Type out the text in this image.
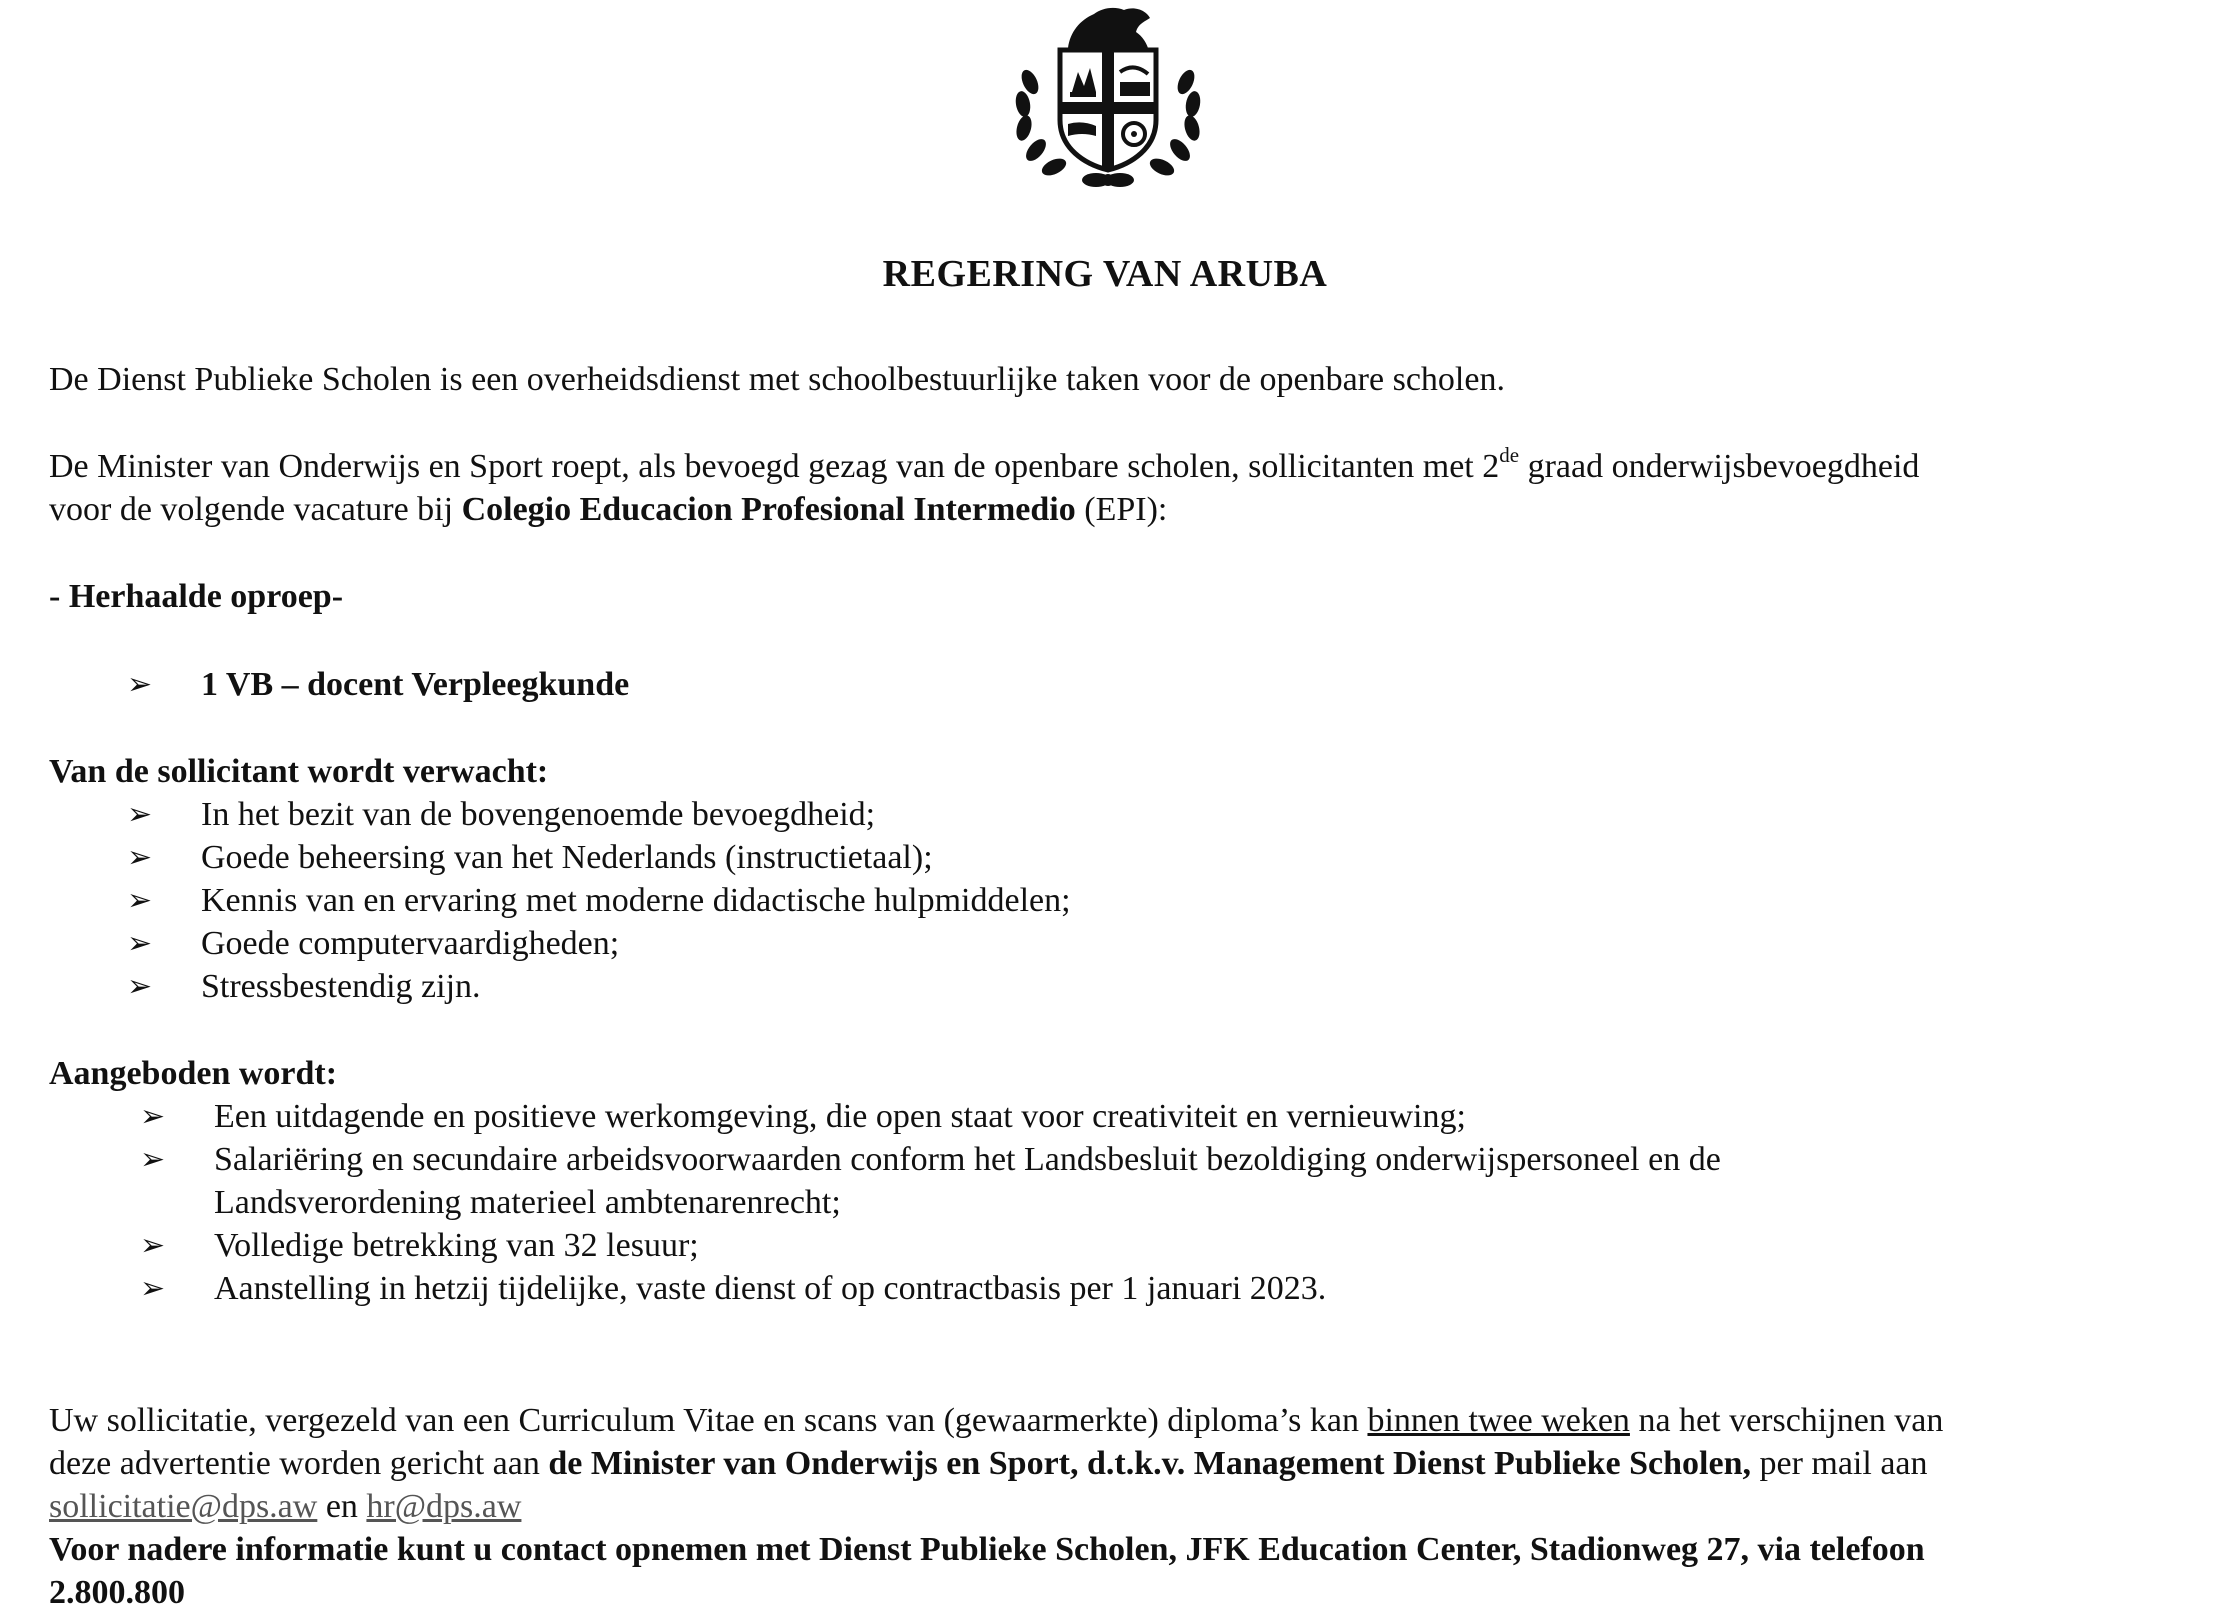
REGERING VAN ARUBA
De Dienst Publieke Scholen is een overheidsdienst met schoolbestuurlijke taken voor de openbare scholen.
De Minister van Onderwijs en Sport roept, als bevoegd gezag van de openbare scholen, sollicitanten met 2de graad onderwijsbevoegdheid
voor de volgende vacature bij Colegio Educacion Profesional Intermedio (EPI):
- Herhaalde oproep-
➢ 1 VB – docent Verpleegkunde
Van de sollicitant wordt verwacht:
➢ In het bezit van de bovengenoemde bevoegdheid;
➢ Goede beheersing van het Nederlands (instructietaal);
➢ Kennis van en ervaring met moderne didactische hulpmiddelen;
➢ Goede computervaardigheden;
➢ Stressbestendig zijn.
Aangeboden wordt:
➢ Een uitdagende en positieve werkomgeving, die open staat voor creativiteit en vernieuwing;
➢ Salariëring en secundaire arbeidsvoorwaarden conform het Landsbesluit bezoldiging onderwijspersoneel en de
Landsverordening materieel ambtenarenrecht;
➢ Volledige betrekking van 32 lesuur;
➢ Aanstelling in hetzij tijdelijke, vaste dienst of op contractbasis per 1 januari 2023.
Uw sollicitatie, vergezeld van een Curriculum Vitae en scans van (gewaarmerkte) diploma’s kan binnen twee weken na het verschijnen van
deze advertentie worden gericht aan de Minister van Onderwijs en Sport, d.t.k.v. Management Dienst Publieke Scholen, per mail aan
sollicitatie@dps.aw en hr@dps.aw
Voor nadere informatie kunt u contact opnemen met Dienst Publieke Scholen, JFK Education Center, Stadionweg 27, via telefoon
2.800.800
